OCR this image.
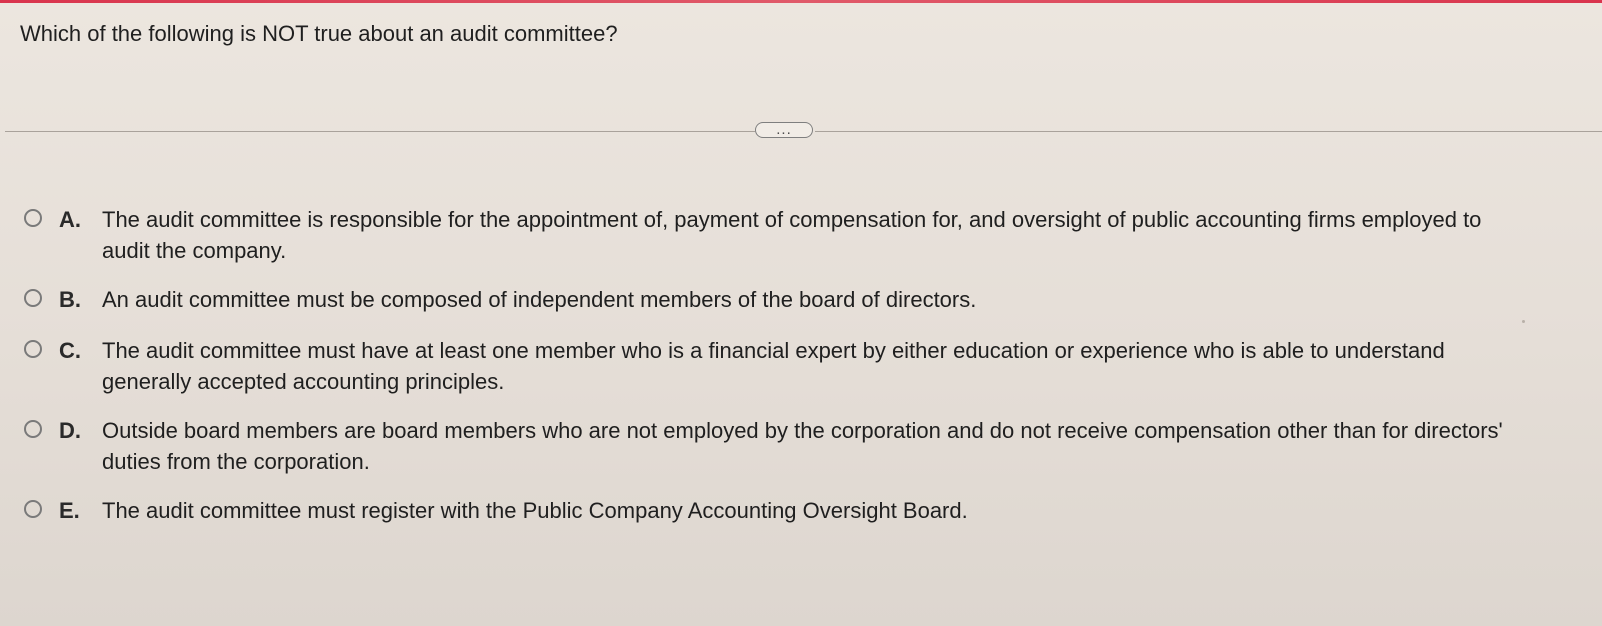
Which of the following is NOT true about an audit committee?
...
A. The audit committee is responsible for the appointment of, payment of compensation for, and oversight of public accounting firms employed to audit the company.
B. An audit committee must be composed of independent members of the board of directors.
C. The audit committee must have at least one member who is a financial expert by either education or experience who is able to understand generally accepted accounting principles.
D. Outside board members are board members who are not employed by the corporation and do not receive compensation other than for directors' duties from the corporation.
E. The audit committee must register with the Public Company Accounting Oversight Board.
